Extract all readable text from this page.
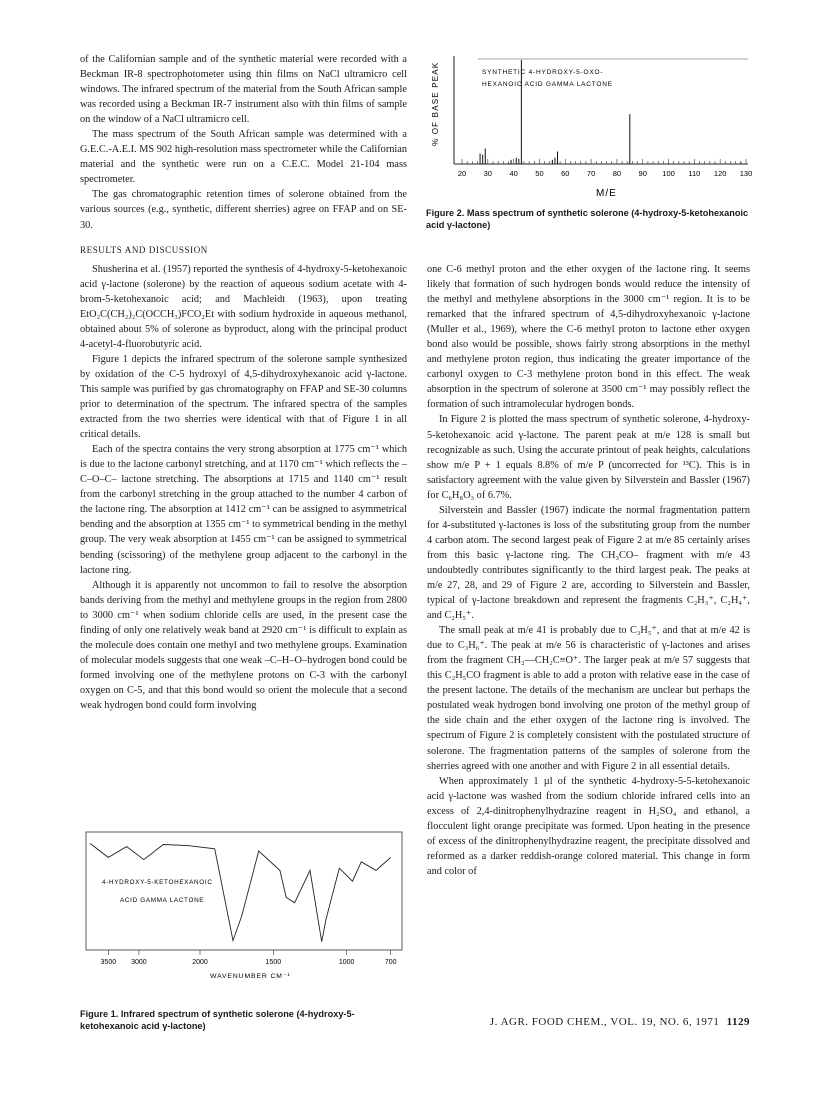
of the Californian sample and of the synthetic material were recorded with a Beckman IR-8 spectrophotometer using thin films on NaCl ultramicro cell windows. The infrared spectrum of the material from the South African sample was recorded using a Beckman IR-7 instrument also with thin films of sample on the window of a NaCl ultramicro cell.

The mass spectrum of the South African sample was determined with a G.E.C.-A.E.I. MS 902 high-resolution mass spectrometer while the Californian material and the synthetic were run on a C.E.C. Model 21-104 mass spectrometer.

The gas chromatographic retention times of solerone obtained from the various sources (e.g., synthetic, different sherries) agree on FFAP and on SE-30.

RESULTS AND DISCUSSION

Shusherina et al. (1957) reported the synthesis of 4-hydroxy-5-ketohexanoic acid γ-lactone (solerone) by the reaction of aqueous sodium acetate with 4-brom-5-ketohexanoic acid; and Machleidt (1963), upon treating EtO₂C(CH₂)₂C(OCCH₃)FCO₂Et with sodium hydroxide in aqueous methanol, obtained about 5% of solerone as byproduct, along with the principal product 4-acetyl-4-fluorobutyric acid.

Figure 1 depicts the infrared spectrum of the solerone sample synthesized by oxidation of the C-5 hydroxyl of 4,5-dihydroxyhexanoic acid γ-lactone. This sample was purified by gas chromatography on FFAP and SE-30 columns prior to determination of the spectrum. The infrared spectra of the samples extracted from the two sherries were identical with that of Figure 1 in all critical details.

Each of the spectra contains the very strong absorption at 1775 cm⁻¹ which is due to the lactone carbonyl stretching, and at 1170 cm⁻¹ which reflects the –C–O–C– lactone stretching. The absorptions at 1715 and 1140 cm⁻¹ result from the carbonyl stretching in the group attached to the number 4 carbon of the lactone ring. The absorption at 1412 cm⁻¹ can be assigned to asymmetrical bending and the absorption at 1355 cm⁻¹ to symmetrical bending in the methyl group. The very weak absorption at 1455 cm⁻¹ can be assigned to symmetrical bending (scissoring) of the methylene group adjacent to the carbonyl in the lactone ring.

Although it is apparently not uncommon to fail to resolve the absorption bands deriving from the methyl and methylene groups in the region from 2800 to 3000 cm⁻¹ when sodium chloride cells are used, in the present case the finding of only one relatively weak band at 2920 cm⁻¹ is difficult to explain as the molecule does contain one methyl and two methylene groups. Examination of molecular models suggests that one weak –C–H–O–hydrogen bond could be formed involving one of the methylene protons on C-3 with the carbonyl oxygen on C-5, and that this bond would so orient the molecule that a second weak hydrogen bond could form involving

SYNTHETIC 4-HYDROXY-5-OXO-
HEXANOIC ACID GAMMA LACTONE
% OF BASE PEAK
M/E
20 30 40 50 60 70 80 90 100 110 120 130
Figure 2. Mass spectrum of synthetic solerone (4-hydroxy-5-ketohexanoic acid γ-lactone)

one C-6 methyl proton and the ether oxygen of the lactone ring. It seems likely that formation of such hydrogen bonds would reduce the intensity of the methyl and methylene absorptions in the 3000 cm⁻¹ region. It is to be remarked that the infrared spectrum of 4,5-dihydroxyhexanoic γ-lactone (Muller et al., 1969), where the C-6 methyl proton to lactone ether oxygen bond also would be possible, shows fairly strong absorptions in the methyl and methylene proton region, thus indicating the greater importance of the carbonyl oxygen to C-3 methylene proton bond in this effect. The weak absorption in the spectrum of solerone at 3500 cm⁻¹ may possibly reflect the formation of such intramolecular hydrogen bonds.

In Figure 2 is plotted the mass spectrum of synthetic solerone, 4-hydroxy-5-ketohexanoic acid γ-lactone. The parent peak at m/e 128 is small but recognizable as such. Using the accurate printout of peak heights, calculations show m/e P + 1 equals 8.8% of m/e P (uncorrected for ¹³C). This is in satisfactory agreement with the value given by Silverstein and Bassler (1967) for C₆H₈O₃ of 6.7%.

Silverstein and Bassler (1967) indicate the normal fragmentation pattern for 4-substituted γ-lactones is loss of the substituting group from the number 4 carbon atom. The second largest peak of Figure 2 at m/e 85 certainly arises from this basic γ-lactone ring. The CH₃CO– fragment with m/e 43 undoubtedly contributes significantly to the third largest peak. The peaks at m/e 27, 28, and 29 of Figure 2 are, according to Silverstein and Bassler, typical of γ-lactone breakdown and represent the fragments C₂H₃⁺, C₂H₄⁺, and C₂H₅⁺.

The small peak at m/e 41 is probably due to C₃H₅⁺, and that at m/e 42 is due to C₃H₆⁺. The peak at m/e 56 is characteristic of γ-lactones and arises from the fragment CH₂—CH₂C≡O⁺. The larger peak at m/e 57 suggests that this C₂H₅CO fragment is able to add a proton with relative ease in the case of the present lactone. The details of the mechanism are unclear but perhaps the postulated weak hydrogen bond involving one proton of the methyl group of the side chain and the ether oxygen of the lactone ring is involved. The spectrum of Figure 2 is completely consistent with the postulated structure of solerone. The fragmentation patterns of the samples of solerone from the sherries agreed with one another and with Figure 2 in all essential details.

When approximately 1 µl of the synthetic 4-hydroxy-5-5-ketohexanoic acid γ-lactone was washed from the sodium chloride infrared cells into an excess of 2,4-dinitrophenylhydrazine reagent in H₂SO₄ and ethanol, a flocculent light orange precipitate was formed. Upon heating in the presence of excess of the dinitrophenylhydrazine reagent, the precipitate dissolved and reformed as a darker reddish-orange colored material. This change in form and color of

4-HYDROXY-5-KETOHEXANOIC
ACID GAMMA LACTONE
3500 3000	2000	1500	1000	700
WAVENUMBER CM⁻¹
Figure 1. Infrared spectrum of synthetic solerone (4-hydroxy-5-ketohexanoic acid γ-lactone)	J. AGR. FOOD CHEM., VOL. 19, NO. 6, 1971 1129
